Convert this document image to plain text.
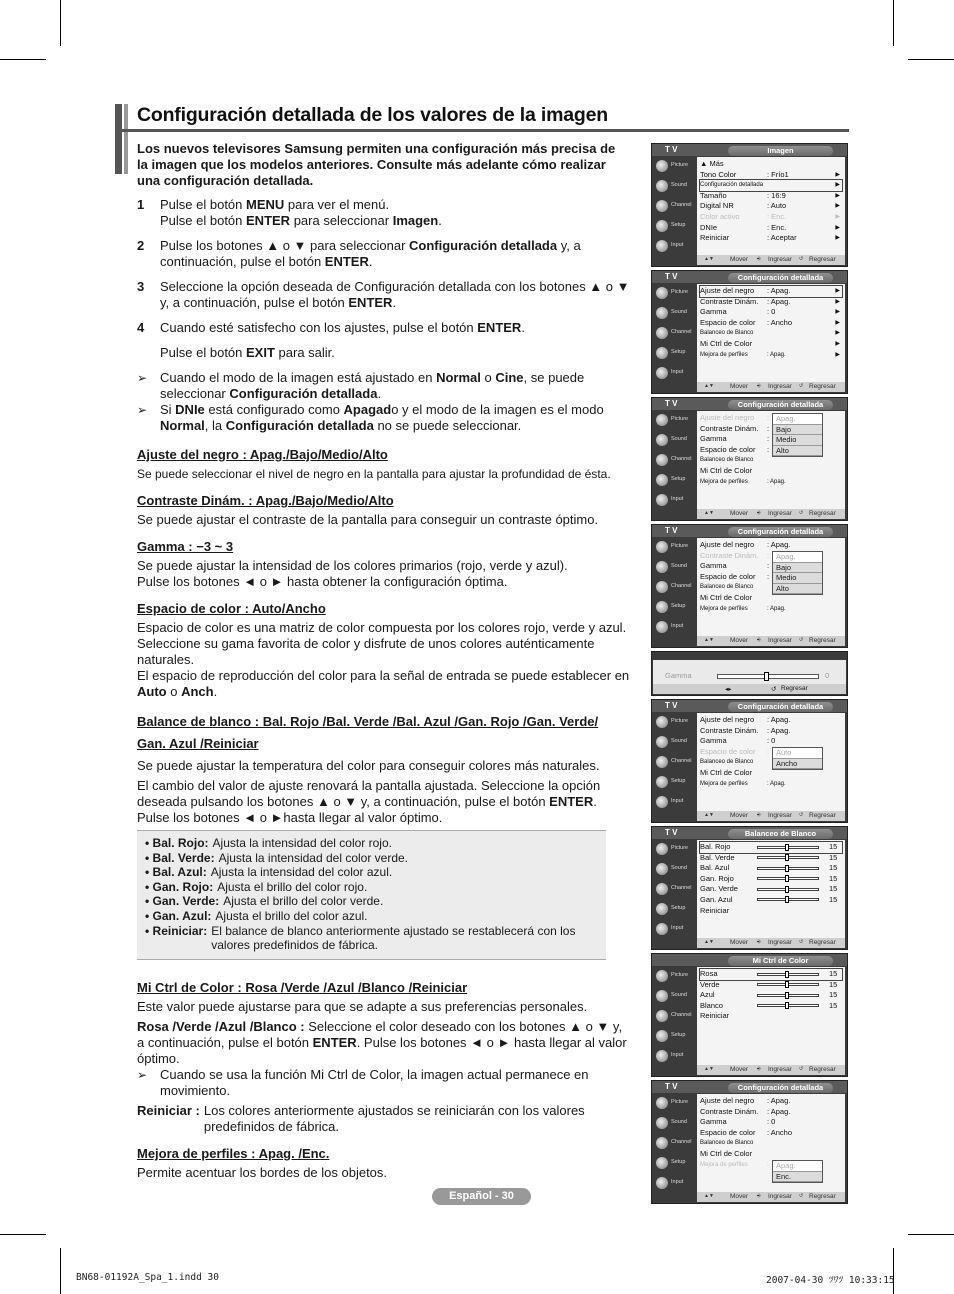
Configuración detallada de los valores de la imagen

Los nuevos televisores Samsung permiten una configuración más precisa de la imagen que los modelos anteriores. Consulte más adelante cómo realizar una configuración detallada.

1	Pulse el botón MENU para ver el menú.
Pulse el botón ENTER para seleccionar Imagen.
2	Pulse los botones ▲ o ▼ para seleccionar Configuración detallada y, a continuación, pulse el botón ENTER.
3	Seleccione la opción deseada de Configuración detallada con los botones ▲ o ▼ y, a continuación, pulse el botón ENTER.
4	Cuando esté satisfecho con los ajustes, pulse el botón ENTER.

Pulse el botón EXIT para salir.

➢ Cuando el modo de la imagen está ajustado en Normal o Cine, se puede seleccionar Configuración detallada.
➢ Si DNIe está configurado como Apagado y el modo de la imagen es el modo Normal, la Configuración detallada no se puede seleccionar.

Ajuste del negro : Apag./Bajo/Medio/Alto

Se puede seleccionar el nivel de negro en la pantalla para ajustar la profundidad de ésta.

Contraste Dinám. : Apag./Bajo/Medio/Alto

Se puede ajustar el contraste de la pantalla para conseguir un contraste óptimo.

Gamma : −3 ~ 3

Se puede ajustar la intensidad de los colores primarios (rojo, verde y azul).

Pulse los botones ◄ o ► hasta obtener la configuración óptima.

Espacio de color : Auto/Ancho

Espacio de color es una matriz de color compuesta por los colores rojo, verde y azul. Seleccione su gama favorita de color y disfrute de unos colores auténticamente naturales.

El espacio de reproducción del color para la señal de entrada se puede establecer en Auto o Anch.

Balance de blanco : Bal. Rojo /Bal. Verde /Bal. Azul /Gan. Rojo /Gan. Verde/ Gan. Azul /Reiniciar

Se puede ajustar la temperatura del color para conseguir colores más naturales.

El cambio del valor de ajuste renovará la pantalla ajustada. Seleccione la opción deseada pulsando los botones ▲ o ▼ y, a continuación, pulse el botón ENTER. Pulse los botones ◄ o ►hasta llegar al valor óptimo.

• Bal. Rojo: Ajusta la intensidad del color rojo.
• Bal. Verde: Ajusta la intensidad del color verde.
• Bal. Azul: Ajusta la intensidad del color azul.
• Gan. Rojo: Ajusta el brillo del color rojo.
• Gan. Verde: Ajusta el brillo del color verde.
• Gan. Azul: Ajusta el brillo del color azul.
• Reiniciar: El balance de blanco anteriormente ajustado se restablecerá con los valores predefinidos de fábrica.

Mi Ctrl de Color : Rosa /Verde /Azul /Blanco /Reiniciar

Este valor puede ajustarse para que se adapte a sus preferencias personales.

Rosa /Verde /Azul /Blanco : Seleccione el color deseado con los botones ▲ o ▼ y, a continuación, pulse el botón ENTER. Pulse los botones ◄ o ► hasta llegar al valor óptimo.

➢ Cuando se usa la función Mi Ctrl de Color, la imagen actual permanece en movimiento.
Reiniciar : Los colores anteriormente ajustados se reiniciarán con los valores predefinidos de fábrica.

Mejora de perfiles : Apag. /Enc.

Permite acentuar los bordes de los objetos.

Español - 30
BN68-01192A_Spa_1.indd 30	2007-04-30 ﾂﾜﾂ 10:33:15
T V	Imagen
Picture
Sound
Channel
Setup
Input
▲ Más
Tono Color	: Frío1	▶
Configuración detallada	▶
Tamaño	: 16:9	▶
Digital NR	: Auto	▶
Color activo	: Enc.	▶
DNIe	: Enc.	▶
Reiniciar	: Aceptar	▶
▲▼ Mover ⎆ Ingresar ↺ Regresar
T V	Configuración detallada
Picture
Sound
Channel
Setup
Input
Ajuste del negro : Apag.	▶
Contraste Dinám. : Apag.	▶
Gamma	: 0	▶
Espacio de color : Ancho	▶
Balanceo de Blanco	▶
Mi Ctrl de Color	▶
Mejora de perfiles	: Apag.	▶
▲▼ Mover ⎆ Ingresar ↺ Regresar
T V	Configuración detallada
Picture
Sound
Channel
Setup
Input
Ajuste del negro :
Contraste Dinám. :
Gamma	:
Espacio de color :
Balanceo de Blanco
Mi Ctrl de Color
Mejora de perfiles	: Apag.
Apag.
Bajo
Medio
Alto
▲▼ Mover ⎆ Ingresar ↺ Regresar
T V	Configuración detallada
Picture
Sound
Channel
Setup
Input
Ajuste del negro : Apag.
Contraste Dinám. :
Gamma	:
Espacio de color :
Balanceo de Blanco
Mi Ctrl de Color
Mejora de perfiles	: Apag.
Apag.
Bajo
Medio
Alto
▲▼ Mover ⎆ Ingresar ↺ Regresar
Gamma	0
◂▸	↺ Regresar
T V	Configuración detallada
Picture
Sound
Channel
Setup
Input
Ajuste del negro : Apag.
Contraste Dinám. : Apag.
Gamma	: 0
Espacio de color :
Balanceo de Blanco
Mi Ctrl de Color
Mejora de perfiles	: Apag.
Auto
Ancho
▲▼ Mover ⎆ Ingresar ↺ Regresar
T V	Balanceo de Blanco
Picture
Sound
Channel
Setup
Input
Bal. Rojo	15
Bal. Verde	15
Bal. Azul	15
Gan. Rojo	15
Gan. Verde	15
Gan. Azul	15
Reiniciar
▲▼ Mover ⎆ Ingresar ↺ Regresar
Mi Ctrl de Color
Picture
Sound
Channel
Setup
Input
Rosa	15
Verde	15
Azul	15
Blanco	15
Reiniciar
▲▼ Mover ⎆ Ingresar ↺ Regresar
T V	Configuración detallada
Picture
Sound
Channel
Setup
Input
Ajuste del negro : Apag.
Contraste Dinám. : Apag.
Gamma	: 0
Espacio de color : Ancho
Balanceo de Blanco
Mi Ctrl de Color
Mejora de perfiles	: Apag.
Enc.
▲▼ Mover ⎆ Ingresar ↺ Regresar
